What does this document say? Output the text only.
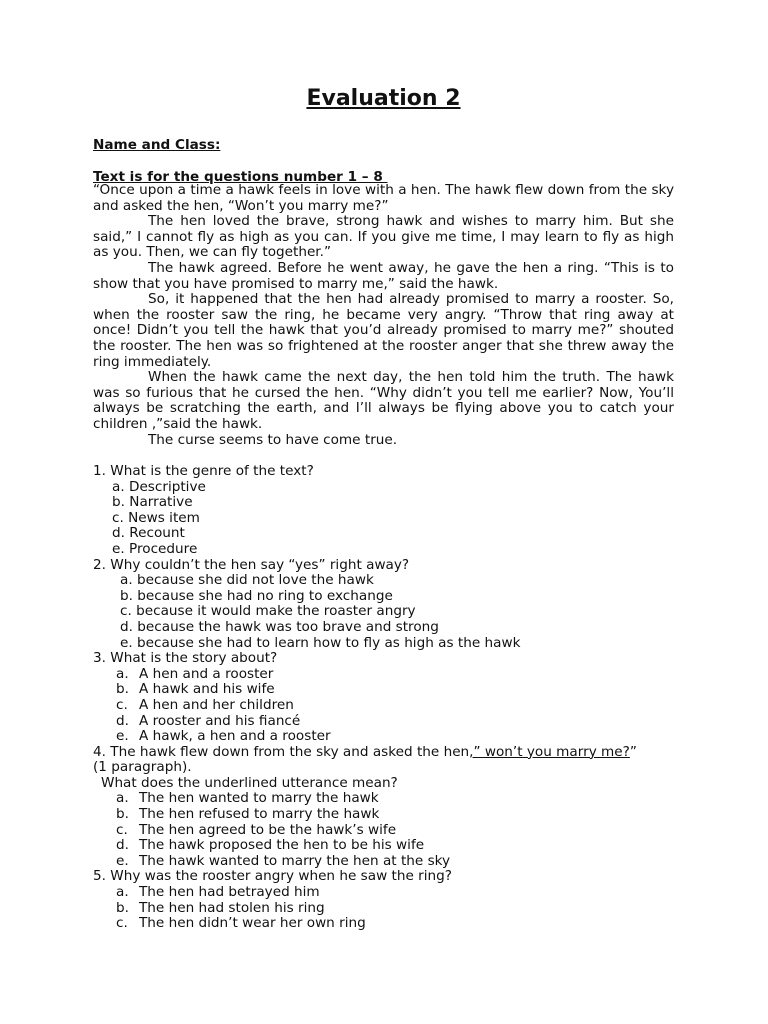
Evaluation 2
Name and Class:
Text is for the questions number 1 – 8

“Once upon a time a hawk feels in love with a hen. The hawk flew down from the sky and asked the hen, “Won’t you marry me?”

The hen loved the brave, strong hawk and wishes to marry him. But she said,” I cannot fly as high as you can. If you give me time, I may learn to fly as high as you. Then, we can fly together.”

The hawk agreed. Before he went away, he gave the hen a ring. “This is to show that you have promised to marry me,” said the hawk.

So, it happened that the hen had already promised to marry a rooster. So, when the rooster saw the ring, he became very angry. “Throw that ring away at once! Didn’t you tell the hawk that you’d already promised to marry me?” shouted the rooster. The hen was so frightened at the rooster anger that she threw away the ring immediately.

When the hawk came the next day, the hen told him the truth. The hawk was so furious that he cursed the hen. “Why didn’t you tell me earlier? Now, You’ll always be scratching the earth, and I’ll always be flying above you to catch your children ,”said the hawk.

The curse seems to have come true.

1. What is the genre of the text?
a. Descriptive
b. Narrative
c. News item
d. Recount
e. Procedure
2. Why couldn’t the hen say “yes” right away?
a. because she did not love the hawk
b. because she had no ring to exchange
c. because it would make the roaster angry
d. because the hawk was too brave and strong
e. because she had to learn how to fly as high as the hawk
3. What is the story about?
a. A hen and a rooster
b. A hawk and his wife
c. A hen and her children
d. A rooster and his fiancé
e. A hawk, a hen and a rooster
4. The hawk flew down from the sky and asked the hen,” won’t you marry me?”
(1 paragraph).
What does the underlined utterance mean?
a. The hen wanted to marry the hawk
b. The hen refused to marry the hawk
c. The hen agreed to be the hawk’s wife
d. The hawk proposed the hen to be his wife
e. The hawk wanted to marry the hen at the sky
5. Why was the rooster angry when he saw the ring?
a. The hen had betrayed him
b. The hen had stolen his ring
c. The hen didn’t wear her own ring
